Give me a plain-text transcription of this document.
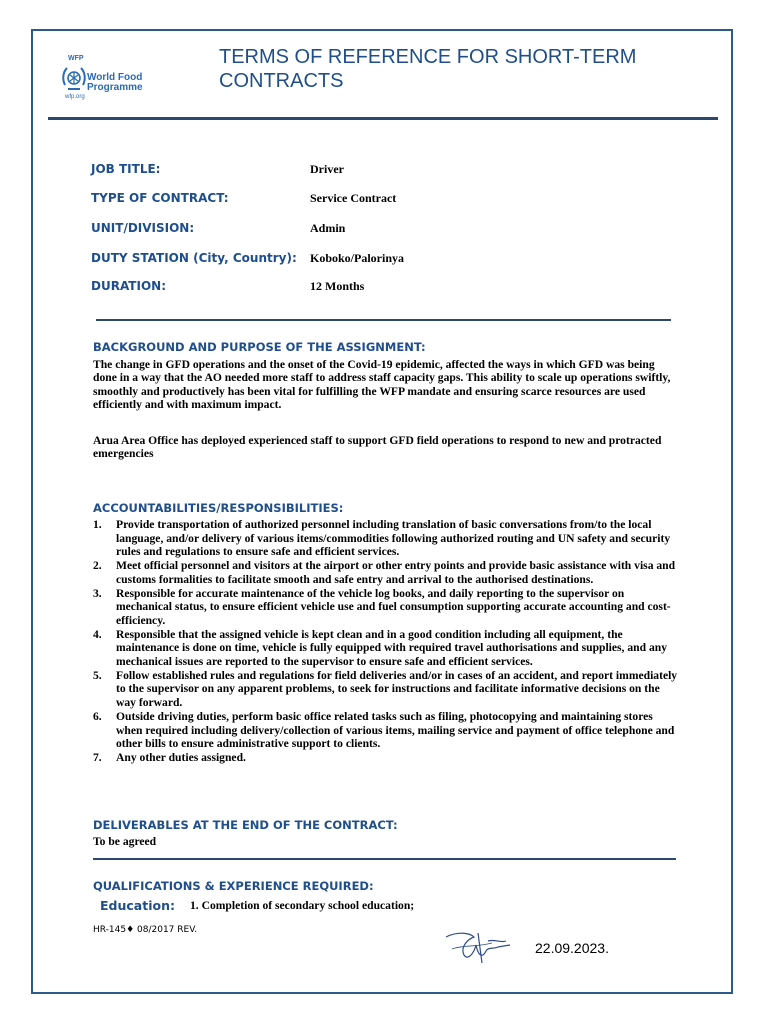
WFP
World Food
Programme
wfp.org
TERMS OF REFERENCE FOR SHORT-TERM CONTRACTS
JOB TITLE:	Driver
TYPE OF CONTRACT:	Service Contract
UNIT/DIVISION:	Admin
DUTY STATION (City, Country): Koboko/Palorinya
DURATION:	12 Months
BACKGROUND AND PURPOSE OF THE ASSIGNMENT:
The change in GFD operations and the onset of the Covid-19 epidemic, affected the ways in which GFD was being done in a way that the AO needed more staff to address staff capacity gaps. This ability to scale up operations swiftly, smoothly and productively has been vital for fulfilling the WFP mandate and ensuring scarce resources are used efficiently and with maximum impact.
Arua Area Office has deployed experienced staff to support GFD field operations to respond to new and protracted emergencies
ACCOUNTABILITIES/RESPONSIBILITIES:
1. Provide transportation of authorized personnel including translation of basic conversations from/to the local language, and/or delivery of various items/commodities following authorized routing and UN safety and security rules and regulations to ensure safe and efficient services.
2. Meet official personnel and visitors at the airport or other entry points and provide basic assistance with visa and customs formalities to facilitate smooth and safe entry and arrival to the authorised destinations.
3. Responsible for accurate maintenance of the vehicle log books, and daily reporting to the supervisor on mechanical status, to ensure efficient vehicle use and fuel consumption supporting accurate accounting and cost-efficiency.
4. Responsible that the assigned vehicle is kept clean and in a good condition including all equipment, the maintenance is done on time, vehicle is fully equipped with required travel authorisations and supplies, and any mechanical issues are reported to the supervisor to ensure safe and efficient services.
5. Follow established rules and regulations for field deliveries and/or in cases of an accident, and report immediately to the supervisor on any apparent problems, to seek for instructions and facilitate informative decisions on the way forward.
6. Outside driving duties, perform basic office related tasks such as filing, photocopying and maintaining stores when required including delivery/collection of various items, mailing service and payment of office telephone and other bills to ensure administrative support to clients.
7. Any other duties assigned.
DELIVERABLES AT THE END OF THE CONTRACT:
To be agreed
QUALIFICATIONS & EXPERIENCE REQUIRED:
Education: 1. Completion of secondary school education;
HR-145♦ 08/2017 REV.
22.09.2023.
